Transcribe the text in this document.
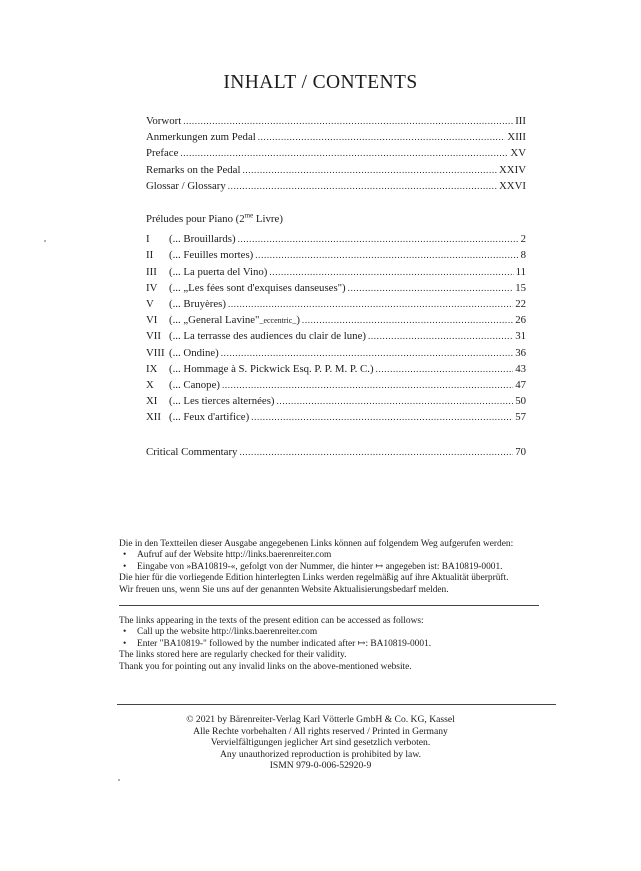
INHALT / CONTENTS
Vorwort . . .	III
Anmerkungen zum Pedal . . .	XIII
Preface . . .	XV
Remarks on the Pedal . . .	XXIV
Glossar / Glossary . . .	XXVI
Préludes pour Piano ($2^{me}$ Livre)
I	(... Brouillards) . . .	2
II	(... Feuilles mortes) . . .	8
III	(... La puerta del Vino) . . .	11
IV	(... „Les fées sont d'exquises danseuses") . . .	15
V	(... Bruyères) . . .	22
VI	(... „General Lavine" _eccentric_ ) . . .	26
VII (... La terrasse des audiences du clair de lune) . . .	31
VIII (... Ondine) . . .	36
IX	(... Hommage à S. Pickwick Esq. P. P. M. P. C.) . . .	43
X	(... Canope) . . .	47
XI	(... Les tierces alternées) . . .	50
XII (... Feux d'artifice) . . .	57
Critical Commentary . . .	70
Die in den Textteilen dieser Ausgabe angegebenen Links können auf folgendem Weg aufgerufen werden:
• Aufruf auf der Website http://links.baerenreiter.com
• Eingabe von »BA10819-«, gefolgt von der Nummer, die hinter ↦ angegeben ist: BA10819-0001.
Die hier für die vorliegende Edition hinterlegten Links werden regelmäßig auf ihre Aktualität überprüft.
Wir freuen uns, wenn Sie uns auf der genannten Website Aktualisierungsbedarf melden.
The links appearing in the texts of the present edition can be accessed as follows:
• Call up the website http://links.baerenreiter.com
• Enter "BA10819-" followed by the number indicated after ↦: BA10819-0001.
The links stored here are regularly checked for their validity.
Thank you for pointing out any invalid links on the above-mentioned website.
© 2021 by Bärenreiter-Verlag Karl Vötterle GmbH & Co. KG, Kassel
Alle Rechte vorbehalten / All rights reserved / Printed in Germany
Vervielfältigungen jeglicher Art sind gesetzlich verboten.
Any unauthorized reproduction is prohibited by law.
ISMN 979-0-006-52920-9
